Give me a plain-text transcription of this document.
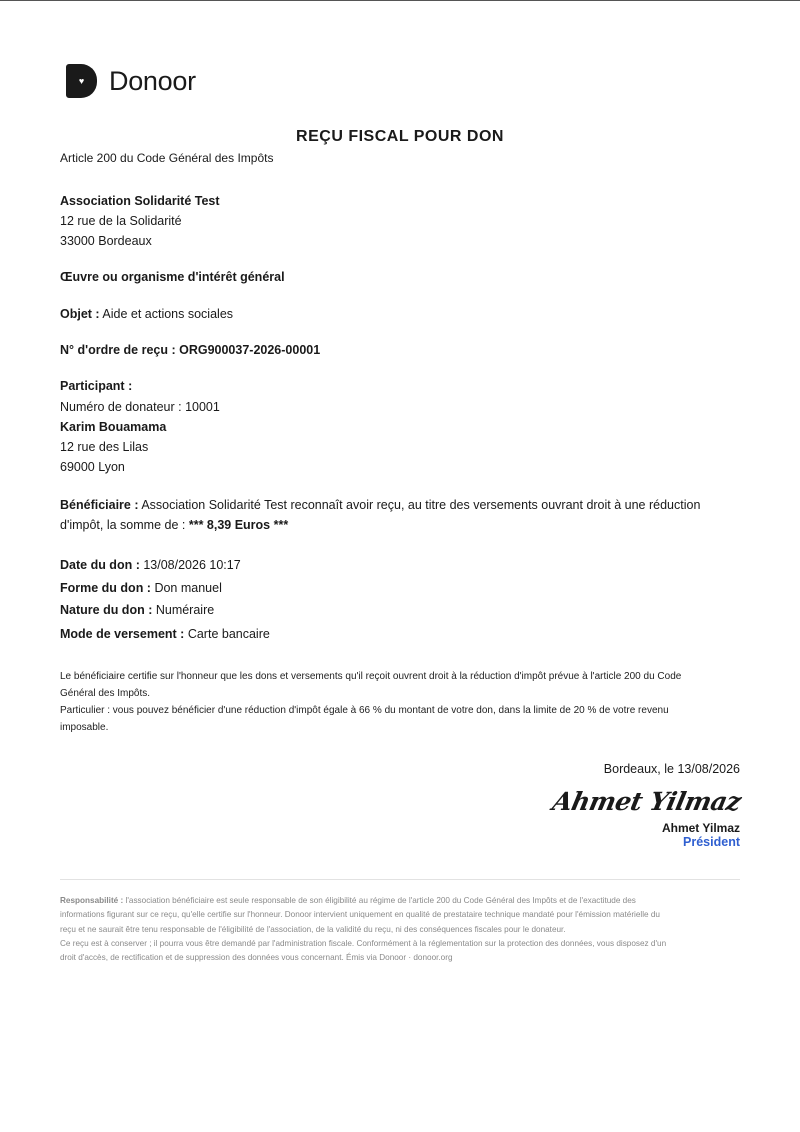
♥ Donoor
REÇU FISCAL POUR DON
Article 200 du Code Général des Impôts
Association Solidarité Test
12 rue de la Solidarité
33000 Bordeaux
Œuvre ou organisme d'intérêt général
Objet : Aide et actions sociales
N° d'ordre de reçu : ORG900037-2026-00001
Participant :
Numéro de donateur : 10001
Karim Bouamama
12 rue des Lilas
69000 Lyon
Bénéficiaire : Association Solidarité Test reconnaît avoir reçu, au titre des versements ouvrant droit à une réduction
d'impôt, la somme de : *** 8,39 Euros ***
Date du don : 13/08/2026 10:17
Forme du don : Don manuel
Nature du don : Numéraire
Mode de versement : Carte bancaire
Le bénéficiaire certifie sur l'honneur que les dons et versements qu'il reçoit ouvrent droit à la réduction d'impôt prévue à l'article 200 du Code
Général des Impôts.
Particulier : vous pouvez bénéficier d'une réduction d'impôt égale à 66 % du montant de votre don, dans la limite de 20 % de votre revenu
imposable.
Bordeaux, le 13/08/2026
Ahmet Yilmaz
Ahmet Yilmaz
Président
Responsabilité : l'association bénéficiaire est seule responsable de son éligibilité au régime de l'article 200 du Code Général des Impôts et de l'exactitude des
informations figurant sur ce reçu, qu'elle certifie sur l'honneur. Donoor intervient uniquement en qualité de prestataire technique mandaté pour l'émission matérielle du
reçu et ne saurait être tenu responsable de l'éligibilité de l'association, de la validité du reçu, ni des conséquences fiscales pour le donateur.
Ce reçu est à conserver ; il pourra vous être demandé par l'administration fiscale. Conformément à la réglementation sur la protection des données, vous disposez d'un
droit d'accès, de rectification et de suppression des données vous concernant. Émis via Donoor · donoor.org
